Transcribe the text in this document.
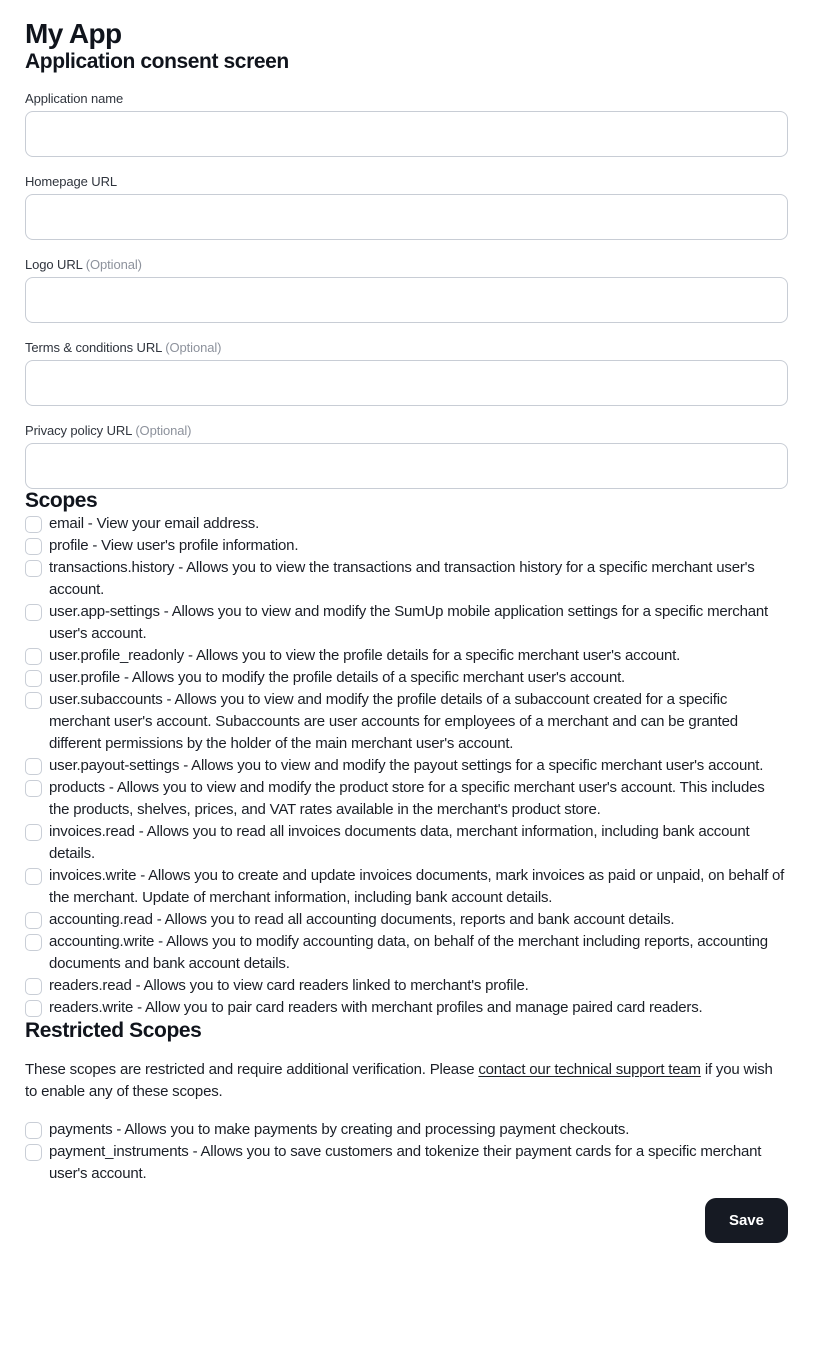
My App
Application consent screen
Application name
Homepage URL
Logo URL (Optional)
Terms & conditions URL (Optional)
Privacy policy URL (Optional)
Scopes
email - View your email address.
profile - View user's profile information.
transactions.history - Allows you to view the transactions and transaction history for a specific merchant user's account.
user.app-settings - Allows you to view and modify the SumUp mobile application settings for a specific merchant user's account.
user.profile_readonly - Allows you to view the profile details for a specific merchant user's account.
user.profile - Allows you to modify the profile details of a specific merchant user's account.
user.subaccounts - Allows you to view and modify the profile details of a subaccount created for a specific merchant user's account. Subaccounts are user accounts for employees of a merchant and can be granted different permissions by the holder of the main merchant user's account.
user.payout-settings - Allows you to view and modify the payout settings for a specific merchant user's account.
products - Allows you to view and modify the product store for a specific merchant user's account. This includes the products, shelves, prices, and VAT rates available in the merchant's product store.
invoices.read - Allows you to read all invoices documents data, merchant information, including bank account details.
invoices.write - Allows you to create and update invoices documents, mark invoices as paid or unpaid, on behalf of the merchant. Update of merchant information, including bank account details.
accounting.read - Allows you to read all accounting documents, reports and bank account details.
accounting.write - Allows you to modify accounting data, on behalf of the merchant including reports, accounting documents and bank account details.
readers.read - Allows you to view card readers linked to merchant's profile.
readers.write - Allow you to pair card readers with merchant profiles and manage paired card readers.
Restricted Scopes

These scopes are restricted and require additional verification. Please contact our technical support team if you wish to enable any of these scopes.

payments - Allows you to make payments by creating and processing payment checkouts.
payment_instruments - Allows you to save customers and tokenize their payment cards for a specific merchant user's account.
Save
